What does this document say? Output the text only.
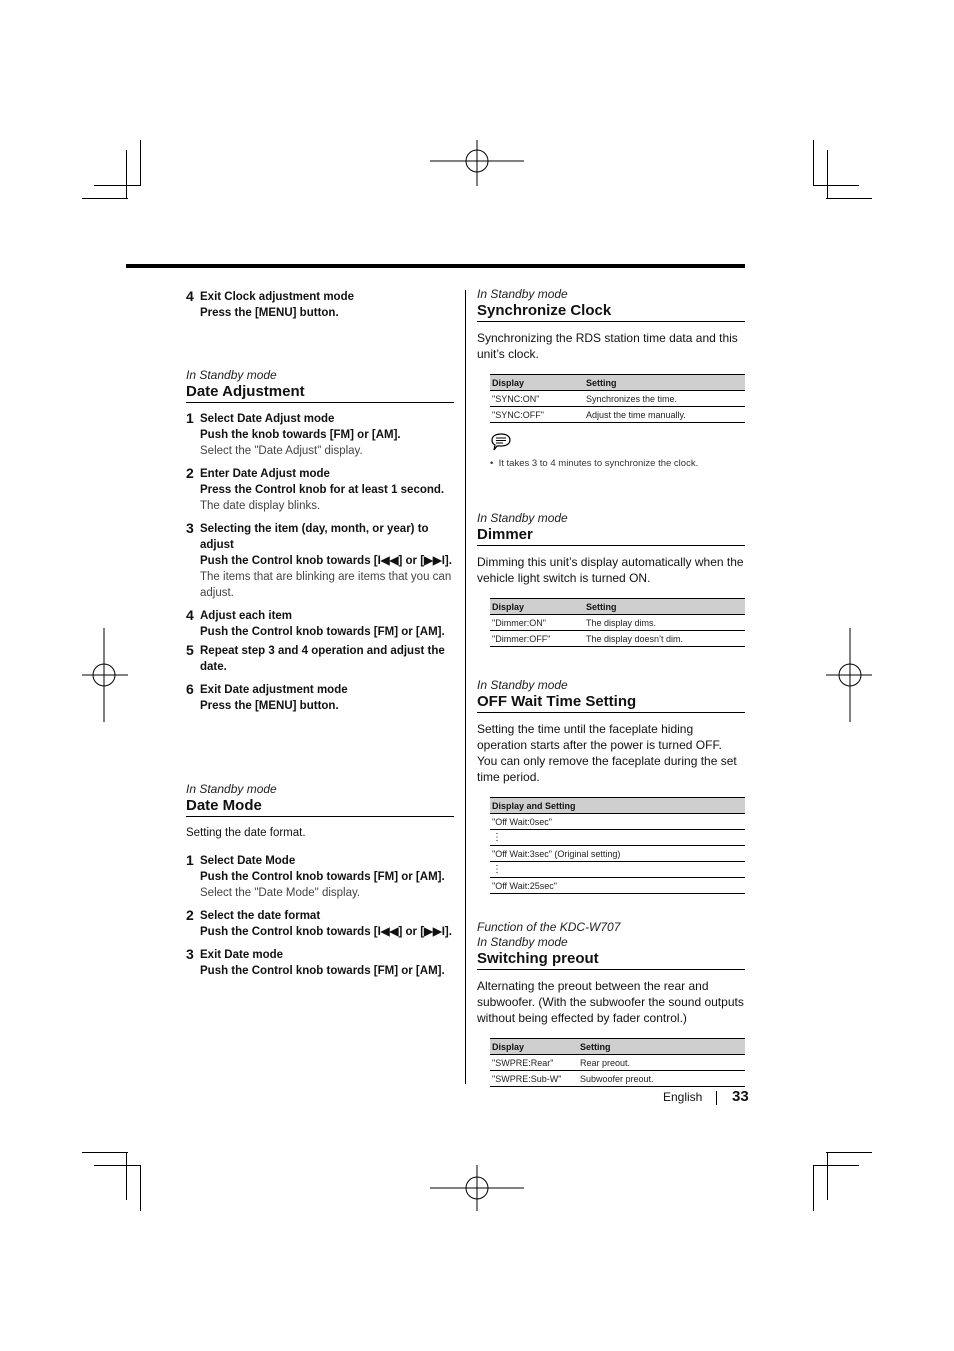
4 Exit Clock adjustment mode
Press the [MENU] button.
In Standby mode
Date Adjustment
1 Select Date Adjust mode
Push the knob towards [FM] or [AM].
Select the "Date Adjust" display.
2 Enter Date Adjust mode
Press the Control knob for at least 1 second.
The date display blinks.
3 Selecting the item (day, month, or year) to adjust
Push the Control knob towards [I◀◀] or [▶▶I].
The items that are blinking are items that you can adjust.
4 Adjust each item
Push the Control knob towards [FM] or [AM].
5 Repeat step 3 and 4 operation and adjust the date.
6 Exit Date adjustment mode
Press the [MENU] button.
In Standby mode
Date Mode
Setting the date format.
1 Select Date Mode
Push the Control knob towards [FM] or [AM].
Select the "Date Mode" display.
2 Select the date format
Push the Control knob towards [I◀◀] or [▶▶I].
3 Exit Date mode
Push the Control knob towards [FM] or [AM].
In Standby mode
Synchronize Clock
Synchronizing the RDS station time data and this unit’s clock.
Display	Setting
"SYNC:ON"	Synchronizes the time.
"SYNC:OFF"	Adjust the time manually.
•  It takes 3 to 4 minutes to synchronize the clock.
In Standby mode
Dimmer
Dimming this unit’s display automatically when the vehicle light switch is turned ON.
Display	Setting
"Dimmer:ON"	The display dims.
"Dimmer:OFF"	The display doesn’t dim.
In Standby mode
OFF Wait Time Setting
Setting the time until the faceplate hiding operation starts after the power is turned OFF. You can only remove the faceplate during the set time period.
Display and Setting
"Off Wait:0sec"
⋮
"Off Wait:3sec" (Original setting)
⋮
"Off Wait:25sec"
Function of the KDC-W707
In Standby mode
Switching preout
Alternating the preout between the rear and subwoofer. (With the subwoofer the sound outputs without being effected by fader control.)
Display	Setting
"SWPRE:Rear"	Rear preout.
"SWPRE:Sub-W"	Subwoofer preout.
English 33
